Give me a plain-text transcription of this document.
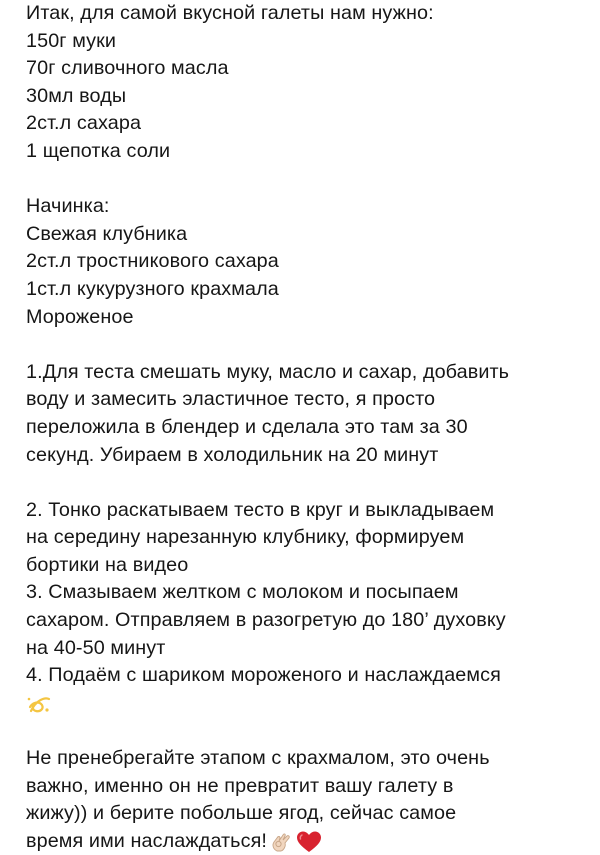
Итак, для самой вкусной галеты нам нужно:
150г муки
70г сливочного масла
30мл воды
2ст.л сахара
1 щепотка соли
Начинка:
Свежая клубника
2ст.л тростникового сахара
1ст.л кукурузного крахмала
Мороженое
1.Для теста смешать муку, масло и сахар, добавить
воду и замесить эластичное тесто, я просто
переложила в блендер и сделала это там за 30
секунд. Убираем в холодильник на 20 минут
2. Тонко раскатываем тесто в круг и выкладываем
на середину нарезанную клубнику, формируем
бортики на видео
3. Смазываем желтком с молоком и посыпаем
сахаром. Отправляем в разогретую до 180’ духовку
на 40-50 минут
4. Подаём с шариком мороженого и наслаждаемся
Не пренебрегайте этапом с крахмалом, это очень
важно, именно он не превратит вашу галету в
жижу)) и берите побольше ягод, сейчас самое
время ими наслаждаться!
